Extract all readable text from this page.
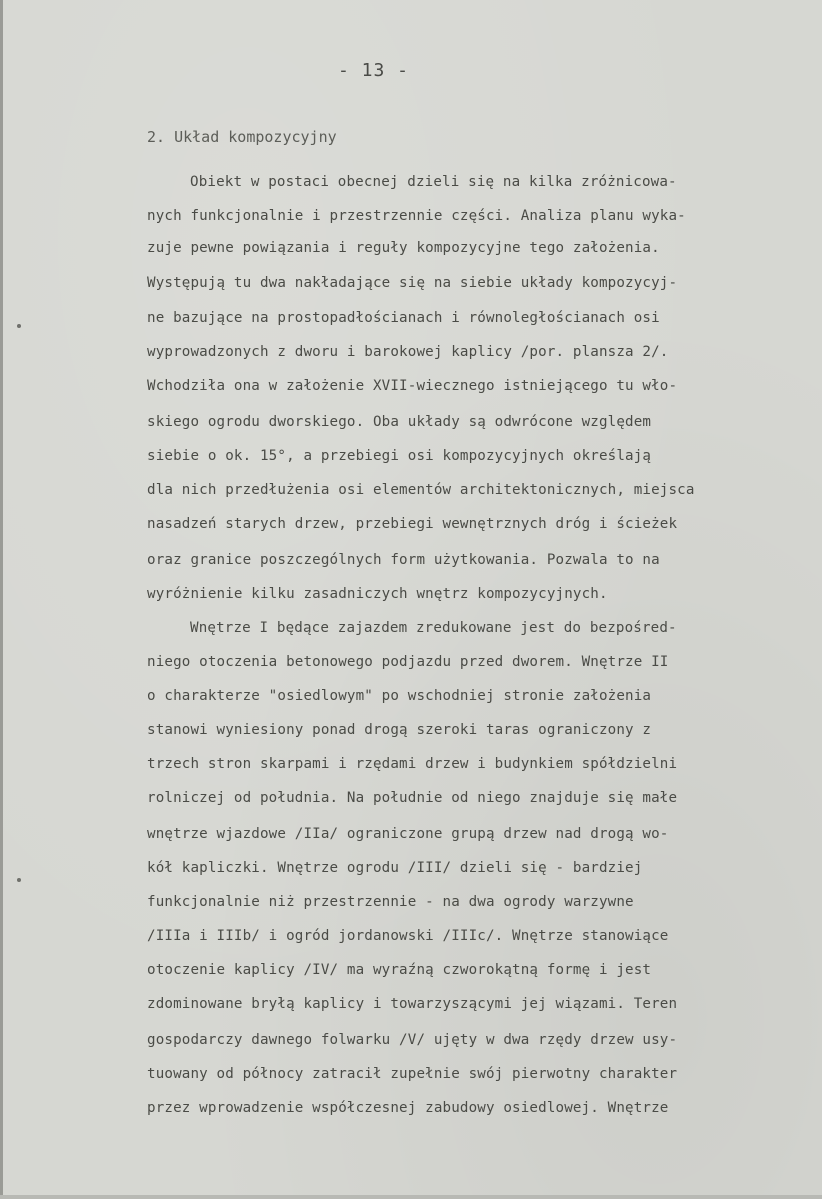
- 13 -
2. Układ kompozycyjny
Obiekt w postaci obecnej dzieli się na kilka zróżnicowa-
nych funkcjonalnie i przestrzennie części. Analiza planu wyka-
zuje pewne powiązania i reguły kompozycyjne tego założenia.
Występują tu dwa nakładające się na siebie układy kompozycyj-
ne bazujące na prostopadłościanach i równoległościanach osi
wyprowadzonych z dworu i barokowej kaplicy /por. plansza 2/.
Wchodziła ona w założenie XVII-wiecznego istniejącego tu wło-
skiego ogrodu dworskiego. Oba układy są odwrócone względem
siebie o ok. 15°, a przebiegi osi kompozycyjnych określają
dla nich przedłużenia osi elementów architektonicznych, miejsca
nasadzeń starych drzew, przebiegi wewnętrznych dróg i ścieżek
oraz granice poszczególnych form użytkowania. Pozwala to na
wyróżnienie kilku zasadniczych wnętrz kompozycyjnych.
Wnętrze I będące zajazdem zredukowane jest do bezpośred-
niego otoczenia betonowego podjazdu przed dworem. Wnętrze II
o charakterze "osiedlowym" po wschodniej stronie założenia
stanowi wyniesiony ponad drogą szeroki taras ograniczony z
trzech stron skarpami i rzędami drzew i budynkiem spółdzielni
rolniczej od południa. Na południe od niego znajduje się małe
wnętrze wjazdowe /IIa/ ograniczone grupą drzew nad drogą wo-
kół kapliczki. Wnętrze ogrodu /III/ dzieli się - bardziej
funkcjonalnie niż przestrzennie - na dwa ogrody warzywne
/IIIa i IIIb/ i ogród jordanowski /IIIc/. Wnętrze stanowiące
otoczenie kaplicy /IV/ ma wyraźną czworokątną formę i jest
zdominowane bryłą kaplicy i towarzyszącymi jej wiązami. Teren
gospodarczy dawnego folwarku /V/ ujęty w dwa rzędy drzew usy-
tuowany od północy zatracił zupełnie swój pierwotny charakter
przez wprowadzenie współczesnej zabudowy osiedlowej. Wnętrze
